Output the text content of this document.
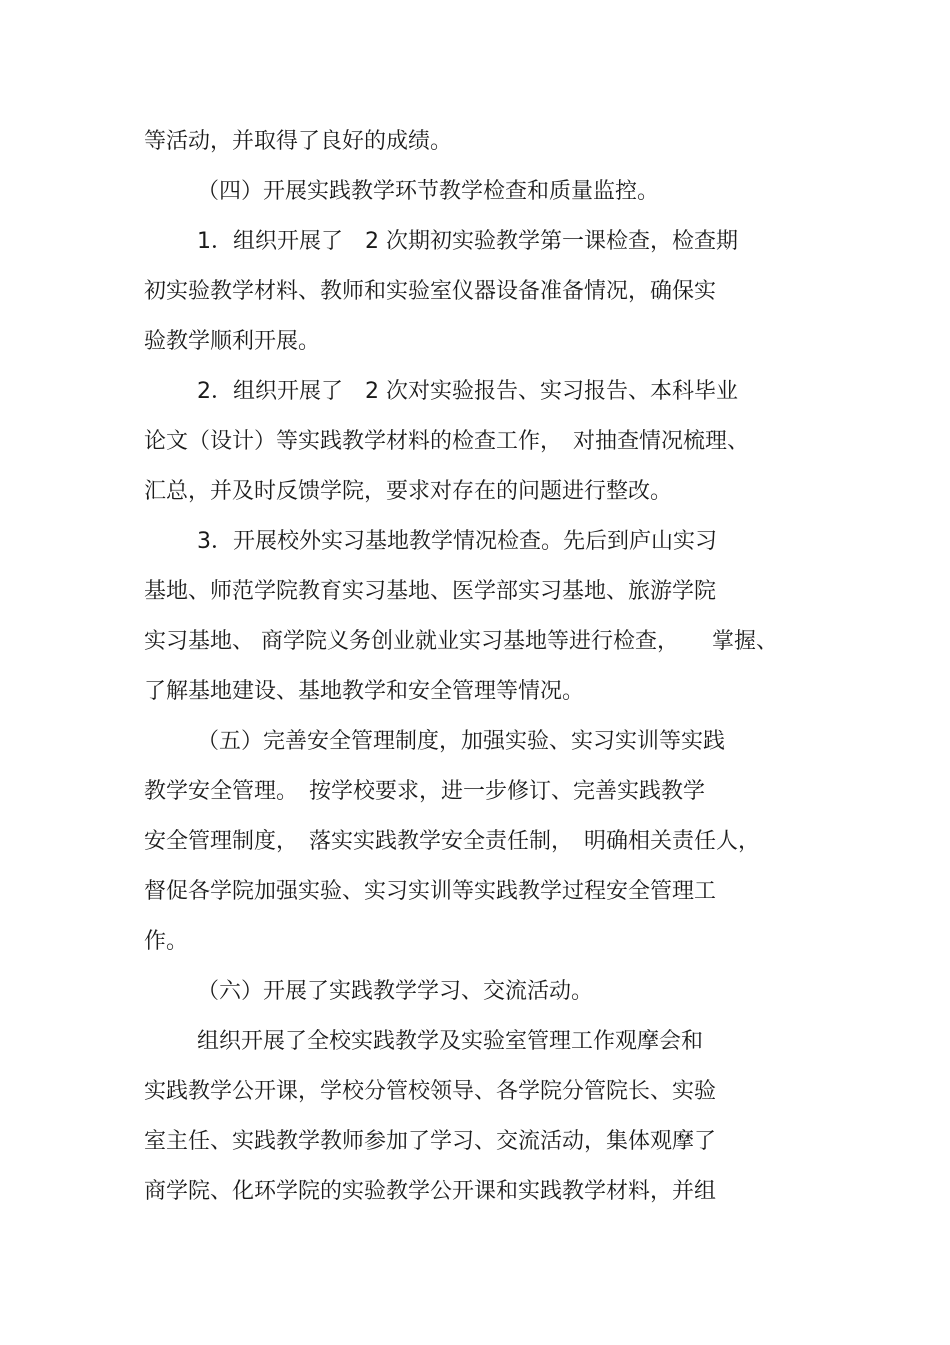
等活动，并取得了良好的成绩。
（四）开展实践教学环节教学检查和质量监控。
1．组织开展了　2 次期初实验教学第一课检查，检查期
初实验教学材料、教师和实验室仪器设备准备情况，确保实
验教学顺利开展。
2．组织开展了　2 次对实验报告、实习报告、本科毕业
论文（设计）等实践教学材料的检查工作，　对抽查情况梳理、
汇总，并及时反馈学院，要求对存在的问题进行整改。
3．开展校外实习基地教学情况检查。先后到庐山实习
基地、师范学院教育实习基地、医学部实习基地、旅游学院
实习基地、 商学院义务创业就业实习基地等进行检查，　　掌握、
了解基地建设、基地教学和安全管理等情况。
（五）完善安全管理制度，加强实验、实习实训等实践
教学安全管理。　按学校要求，进一步修订、完善实践教学
安全管理制度，　落实实践教学安全责任制，　明确相关责任人，
督促各学院加强实验、实习实训等实践教学过程安全管理工
作。
（六）开展了实践教学学习、交流活动。
组织开展了全校实践教学及实验室管理工作观摩会和
实践教学公开课，学校分管校领导、各学院分管院长、实验
室主任、实践教学教师参加了学习、交流活动，集体观摩了
商学院、化环学院的实验教学公开课和实践教学材料，并组
